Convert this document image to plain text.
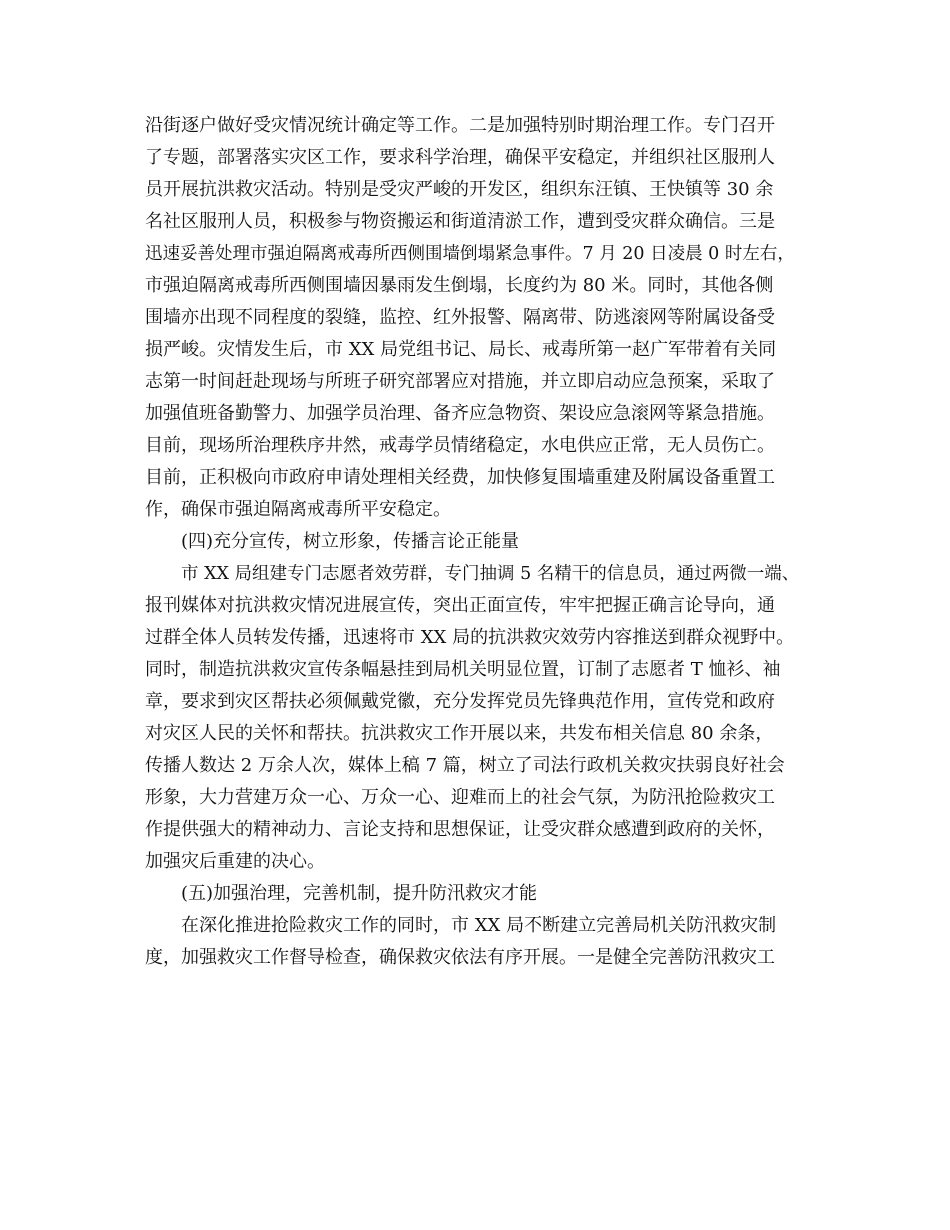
沿街逐户做好受灾情况统计确定等工作。二是加强特别时期治理工作。专门召开
了专题，部署落实灾区工作，要求科学治理，确保平安稳定，并组织社区服刑人
员开展抗洪救灾活动。特别是受灾严峻的开发区，组织东汪镇、王快镇等 30 余
名社区服刑人员，积极参与物资搬运和街道清淤工作，遭到受灾群众确信。三是
迅速妥善处理市强迫隔离戒毒所西侧围墙倒塌紧急事件。7 月 20 日凌晨 0 时左右，
市强迫隔离戒毒所西侧围墙因暴雨发生倒塌，长度约为 80 米。同时，其他各侧
围墙亦出现不同程度的裂缝，监控、红外报警、隔离带、防逃滚网等附属设备受
损严峻。灾情发生后，市 XX 局党组书记、局长、戒毒所第一赵广军带着有关同
志第一时间赶赴现场与所班子研究部署应对措施，并立即启动应急预案，采取了
加强值班备勤警力、加强学员治理、备齐应急物资、架设应急滚网等紧急措施。
目前，现场所治理秩序井然，戒毒学员情绪稳定，水电供应正常，无人员伤亡。
目前，正积极向市政府申请处理相关经费，加快修复围墙重建及附属设备重置工
作，确保市强迫隔离戒毒所平安稳定。
(四)充分宣传，树立形象，传播言论正能量
市 XX 局组建专门志愿者效劳群，专门抽调 5 名精干的信息员，通过两微一端、
报刊媒体对抗洪救灾情况进展宣传，突出正面宣传，牢牢把握正确言论导向，通
过群全体人员转发传播，迅速将市 XX 局的抗洪救灾效劳内容推送到群众视野中。
同时，制造抗洪救灾宣传条幅悬挂到局机关明显位置，订制了志愿者 T 恤衫、袖
章，要求到灾区帮扶必须佩戴党徽，充分发挥党员先锋典范作用，宣传党和政府
对灾区人民的关怀和帮扶。抗洪救灾工作开展以来，共发布相关信息 80 余条，
传播人数达 2 万余人次，媒体上稿 7 篇，树立了司法行政机关救灾扶弱良好社会
形象，大力营建万众一心、万众一心、迎难而上的社会气氛，为防汛抢险救灾工
作提供强大的精神动力、言论支持和思想保证，让受灾群众感遭到政府的关怀，
加强灾后重建的决心。
(五)加强治理，完善机制，提升防汛救灾才能
在深化推进抢险救灾工作的同时，市 XX 局不断建立完善局机关防汛救灾制
度，加强救灾工作督导检查，确保救灾依法有序开展。一是健全完善防汛救灾工
